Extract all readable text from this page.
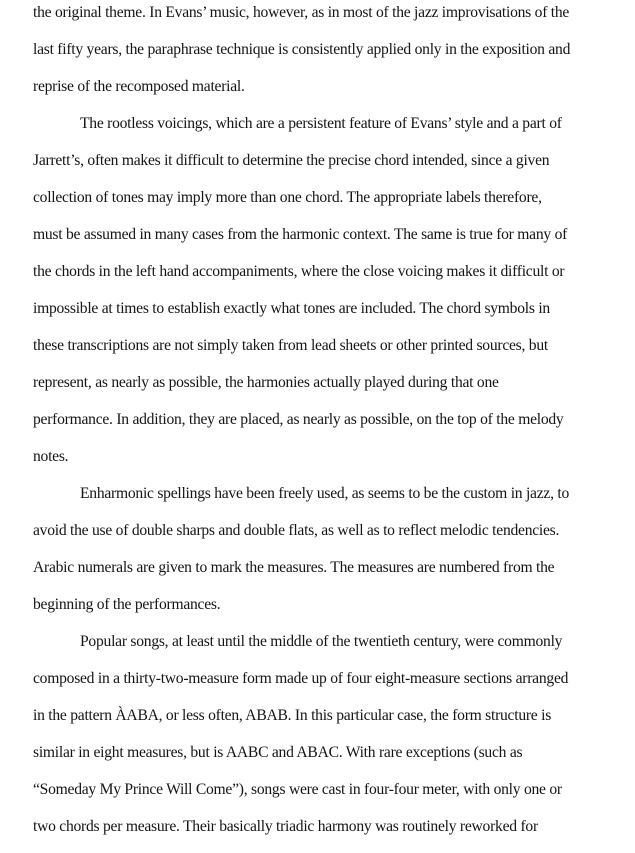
the original theme. In Evans’ music, however, as in most of the jazz improvisations of the

last fifty years, the paraphrase technique is consistently applied only in the exposition and

reprise of the recomposed material.

The rootless voicings, which are a persistent feature of Evans’ style and a part of

Jarrett’s, often makes it difficult to determine the precise chord intended, since a given

collection of tones may imply more than one chord. The appropriate labels therefore,

must be assumed in many cases from the harmonic context. The same is true for many of

the chords in the left hand accompaniments, where the close voicing makes it difficult or

impossible at times to establish exactly what tones are included. The chord symbols in

these transcriptions are not simply taken from lead sheets or other printed sources, but

represent, as nearly as possible, the harmonies actually played during that one

performance. In addition, they are placed, as nearly as possible, on the top of the melody

notes.

Enharmonic spellings have been freely used, as seems to be the custom in jazz, to

avoid the use of double sharps and double flats, as well as to reflect melodic tendencies.

Arabic numerals are given to mark the measures. The measures are numbered from the

beginning of the performances.

Popular songs, at least until the middle of the twentieth century, were commonly

composed in a thirty-two-measure form made up of four eight-measure sections arranged

in the pattern ÀABA, or less often, ABAB. In this particular case, the form structure is

similar in eight measures, but is AABC and ABAC. With rare exceptions (such as

“Someday My Prince Will Come”), songs were cast in four-four meter, with only one or

two chords per measure. Their basically triadic harmony was routinely reworked for
